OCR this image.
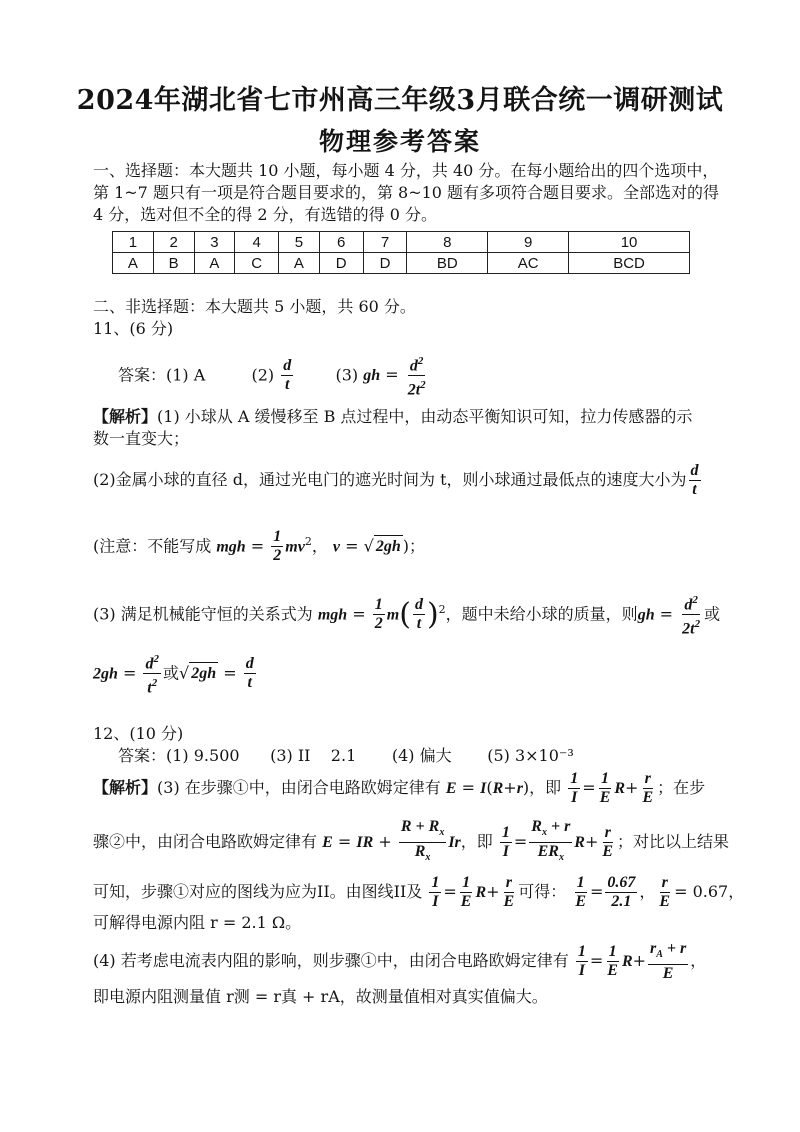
2024年湖北省七市州高三年级3月联合统一调研测试
物理参考答案
一、选择题：本大题共 10 小题，每小题 4 分，共 40 分。在每小题给出的四个选项中，
第 1~7 题只有一项是符合题目要求的，第 8~10 题有多项符合题目要求。全部选对的得
4 分，选对但不全的得 2 分，有选错的得 0 分。
1	2	3	4	5	6	7	8	9	10
A	B	A	C	A	D	D	BD	AC	BCD
二、非选择题：本大题共 5 小题，共 60 分。
11、(6 分)
答案：(1) A	$(2) \frac{d}{t}$	(3) gh = $\frac{d^2}{2t^2}$
【解析】(1) 小球从 A 缓慢移至 B 点过程中，由动态平衡知识可知，拉力传感器的示
数一直变大；
(2)金属小球的直径 d，通过光电门的遮光时间为 t，则小球通过最低点的速度大小为 $\frac{d}{t}$
(注意：不能写成 mgh = $\frac{1}{2} mv^2$， v = √ 2gh )；
(3) 满足机械能守恒的关系式为 mgh = $\frac{1}{2} m( \frac{d}{t} )^2$，题中未给小球的质量，则gh = $\frac{d^2}{2t^2}$ 或
$2gh = \frac{d^2}{t^2}$ 或√ $2gh = \frac{d}{t}$
12、(10 分)
答案：(1) 9.500      (3) II    2.1       (4) 偏大       (5) 3×10⁻³
【解析】(3) 在步骤①中，由闭合电路欧姆定律有 E = I(R+r)，即 $\frac{1}{I} = \frac{1}{E} R+ \frac{r}{E}$ ；在步
骤②中，由闭合电路欧姆定律有 E = IR + $\frac{R + R_x}{R_x}$ Ir，即 $\frac{1}{I} = \frac{R_x + r}{ER_x} R+ \frac{r}{E}$ ；对比以上结果
可知，步骤①对应的图线为应为II。由图线II及 $\frac{1}{I} = \frac{1}{E} R+ \frac{r}{E}$ 可得： $\frac{1}{E} = \frac{0.67}{2.1}$ ， $\frac{r}{E} = 0.67$，
可解得电源内阻 r = 2.1 Ω。
(4) 若考虑电流表内阻的影响，则步骤①中，由闭合电路欧姆定律有 $\frac{1}{I} = \frac{1}{E} R+ \frac{r_A + r}{E}$ ，
即电源内阻测量值 r测 = r真 + rA，故测量值相对真实值偏大。
